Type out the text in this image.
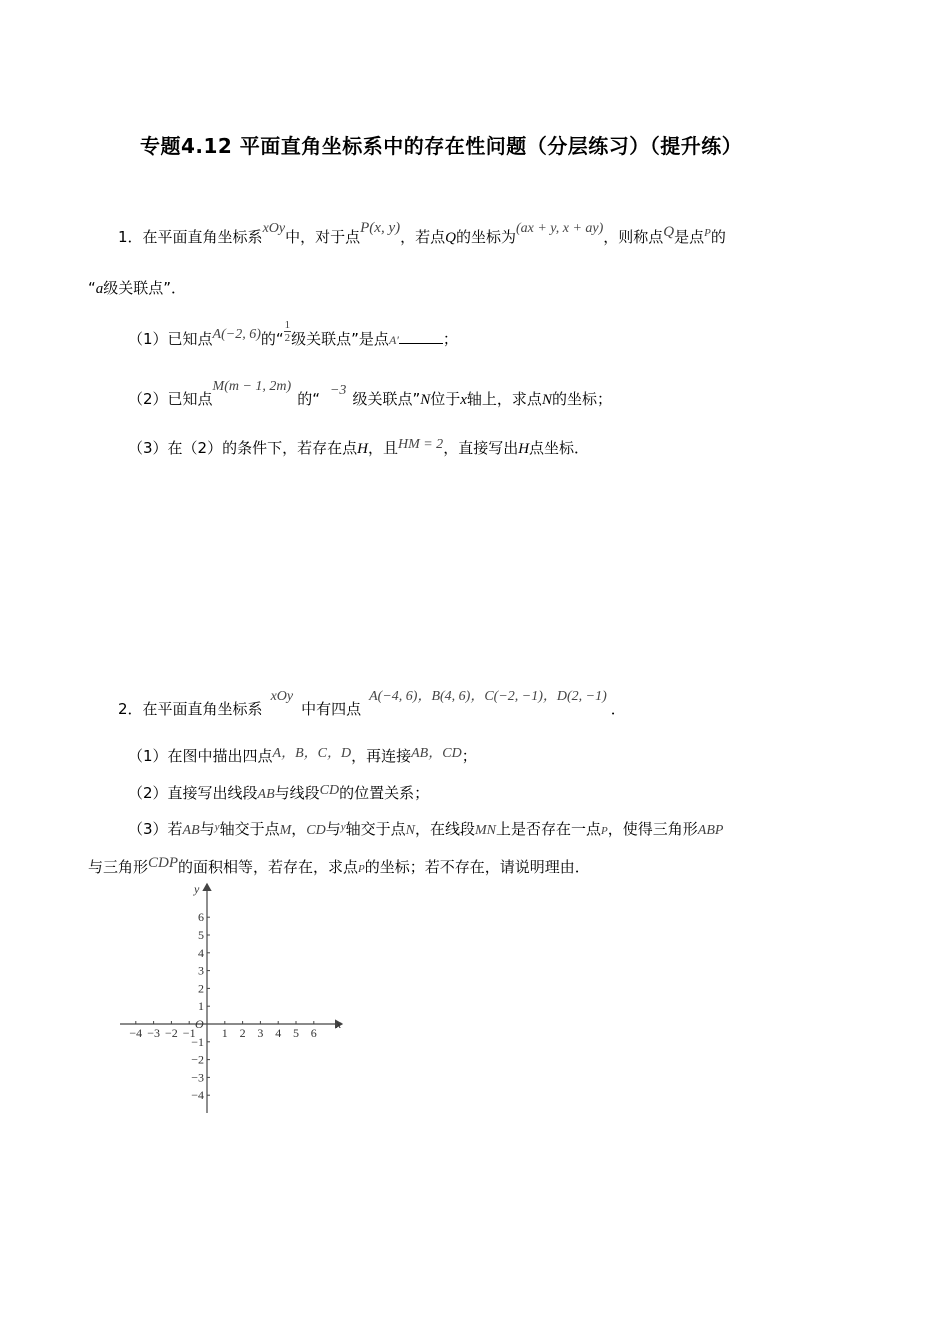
专题4.12 平面直角坐标系中的存在性问题（分层练习）（提升练）
1．在平面直角坐标系xOy中，对于点P(x, y)，若点Q的坐标为(ax + y, x + ay)，则称点Q是点$^P$的
“a级关联点”．
（1）已知点A(−2, 6)的“ $\frac{1}{2}$ 级关联点”是点A′	；
（2）已知点M(m − 1, 2m)的“ −3 级关联点”N位于x轴上，求点N的坐标；
（3）在（2）的条件下，若存在点H，且HM = 2，直接写出H点坐标．
2．在平面直角坐标系xOy中有四点A(−4, 6)，B(4, 6)，C(−2, −1)，D(2, −1)．
（1）在图中描出四点A，B，C，D，再连接AB，CD；
（2）直接写出线段AB与线段CD的位置关系；
（3）若AB与$^y$轴交于点M，CD与$^y$轴交于点N，在线段MN上是否存在一点P，使得三角形ABP
与三角形CDP的面积相等，若存在，求点P的坐标；若不存在，请说明理由．
−4 −3 −2 −1 1 2 3 4 5 6
6
5
4
3
2
1
−1
−2
−3
−4
x
y
O
